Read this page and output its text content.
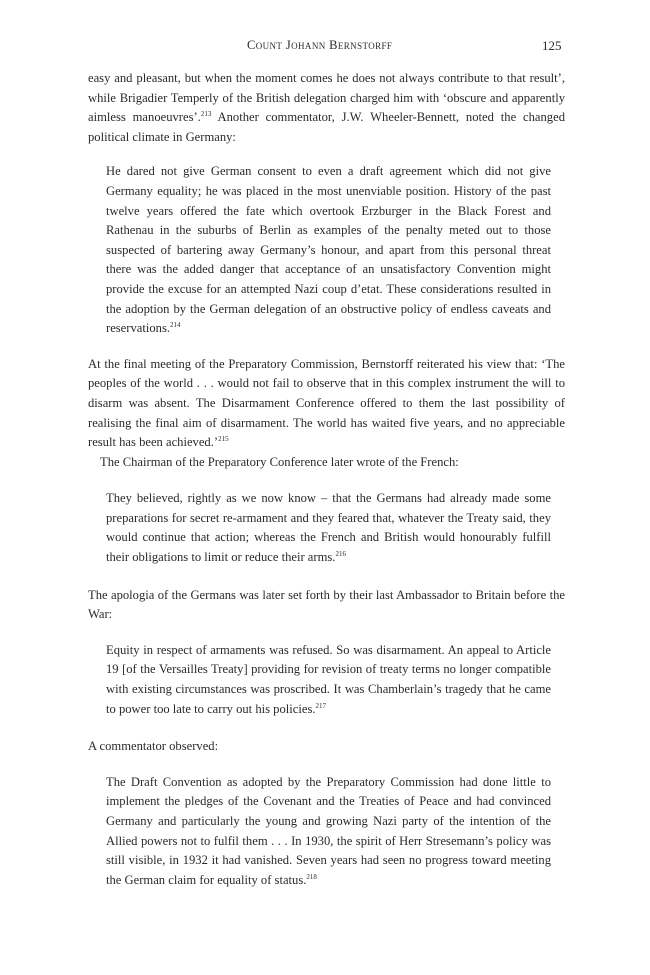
Count Johann Bernstorff	125

easy and pleasant, but when the moment comes he does not always contribute to that result’, while Brigadier Temperly of the British delegation charged him with ‘obscure and apparently aimless manoeuvres’.$^{213}$ Another commentator, J.W. Wheeler-Bennett, noted the changed political climate in Germany:

He dared not give German consent to even a draft agreement which did not give Germany equality; he was placed in the most unenviable position. History of the past twelve years offered the fate which overtook Erzburger in the Black Forest and Rathenau in the suburbs of Berlin as examples of the penalty meted out to those suspected of bartering away Germany’s honour, and apart from this personal threat there was the added danger that acceptance of an unsatisfactory Convention might provide the excuse for an attempted Nazi coup d’etat. These considerations resulted in the adoption by the German delegation of an obstructive policy of endless caveats and reservations.$^{214}$

At the final meeting of the Preparatory Commission, Bernstorff reiterated his view that: ‘The peoples of the world . . . would not fail to observe that in this complex instrument the will to disarm was absent. The Disarmament Conference offered to them the last possibility of realising the final aim of disarmament. The world has waited five years, and no appreciable result has been achieved.’$^{215}$

The Chairman of the Preparatory Conference later wrote of the French:

They believed, rightly as we now know – that the Germans had already made some preparations for secret re-armament and they feared that, whatever the Treaty said, they would continue that action; whereas the French and British would honourably fulfill their obligations to limit or reduce their arms.$^{216}$

The apologia of the Germans was later set forth by their last Ambassador to Britain before the War:

Equity in respect of armaments was refused. So was disarmament. An appeal to Article 19 [of the Versailles Treaty] providing for revision of treaty terms no longer compatible with existing circumstances was proscribed. It was Chamberlain’s tragedy that he came to power too late to carry out his policies.$^{217}$

A commentator observed:

The Draft Convention as adopted by the Preparatory Commission had done little to implement the pledges of the Covenant and the Treaties of Peace and had convinced Germany and particularly the young and growing Nazi party of the intention of the Allied powers not to fulfil them . . . In 1930, the spirit of Herr Stresemann’s policy was still visible, in 1932 it had vanished. Seven years had seen no progress toward meeting the German claim for equality of status.$^{218}$
